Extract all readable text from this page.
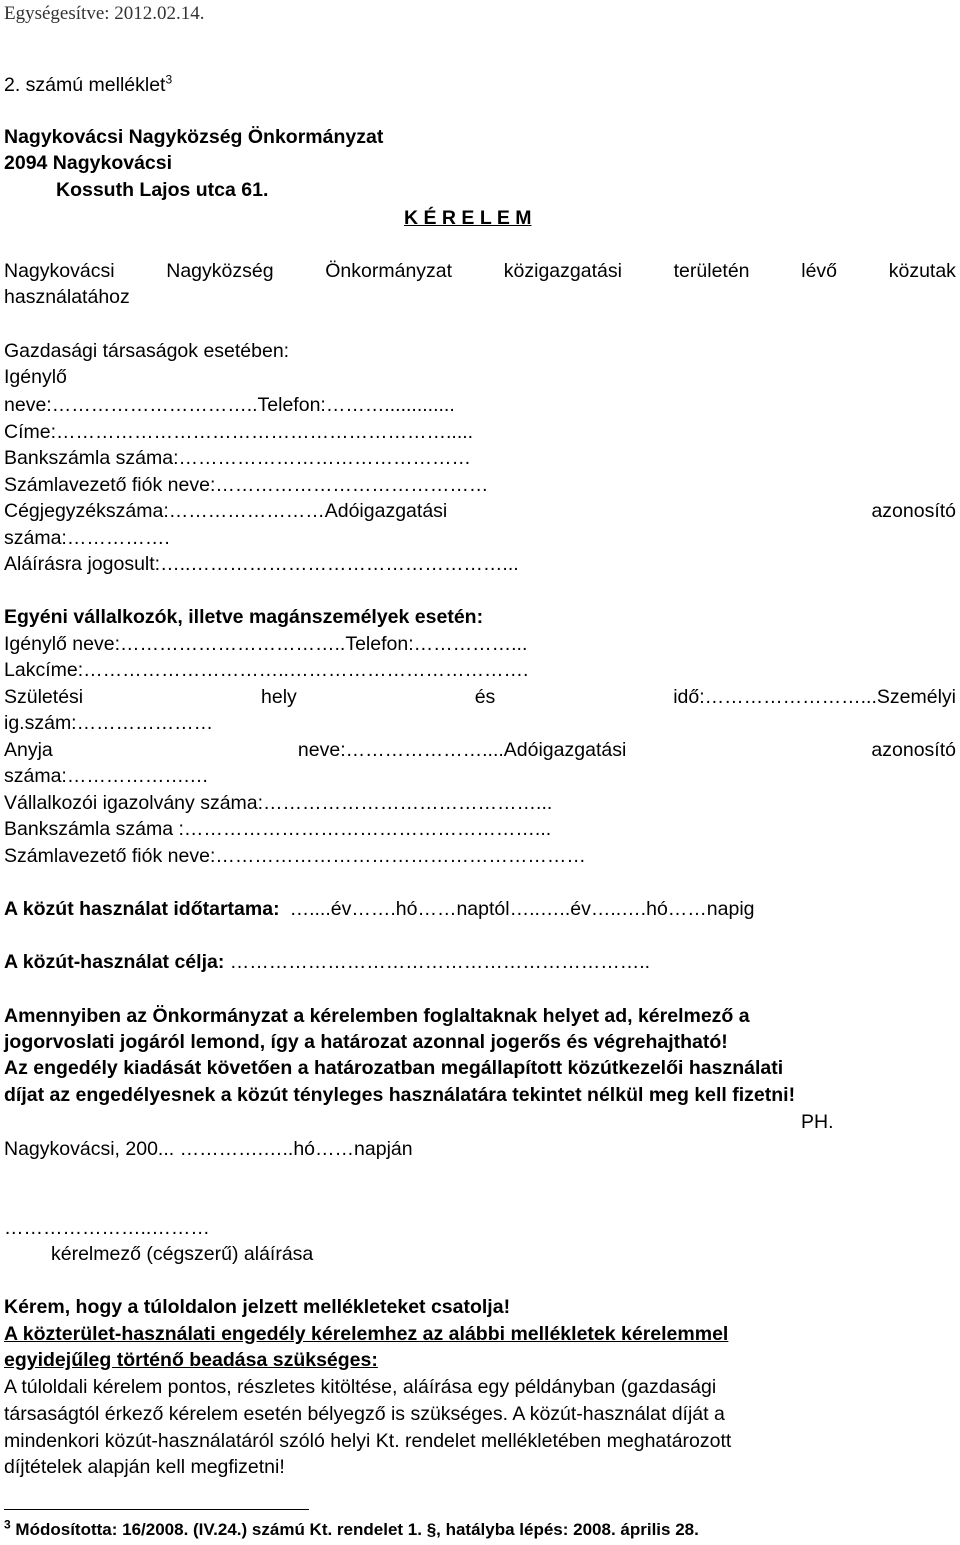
Egységesítve: 2012.02.14.
2. számú melléklet$^3$
Nagykovácsi Nagyközség Önkormányzat
2094 Nagykovácsi
Kossuth Lajos utca 61.
K É R E L E M
Nagykovácsi	Nagyközség	Önkormányzat	közigazgatási	területén	lévő	közutak
használatához
Gazdasági társaságok esetében:
Igénylő
neve:…………………………..Telefon:……….............
Címe:…………………………………………………….....
Bankszámla száma:………………………………………
Számlavezető fiók neve:……………………………………
Cégjegyzékszáma:……………………Adóigazgatási	azonosító
száma:…………….
Aláírásra jogosult:…..…………………………………………...
Egyéni vállalkozók, illetve magánszemélyek esetén:
Igénylő neve:……………………………..Telefon:……………...
Lakcíme:…………………………..……………………………….
Születési	hely	és	idő:……………………...Személyi
ig.szám:…………………
Anyja	neve:…………………....Adóigazgatási	azonosító
száma:……………….…
Vállalkozói igazolvány száma:……………………………………...
Bankszámla száma :………………………………………………...
Számlavezető fiók neve:…………………………………………………
A közút használat időtartama: …....év…….hó……naptól…..…..év…..….hó……napig
A közút-használat célja: ………………………………………………………..
Amennyiben az Önkormányzat a kérelemben foglaltaknak helyet ad, kérelmező a
jogorvoslati jogáról lemond, így a határozat azonnal jogerős és végrehajtható!
Az engedély kiadását követően a határozatban megállapított közútkezelői használati
díjat az engedélyesnek a közút tényleges használatára tekintet nélkül meg kell fizetni!
PH.
Nagykovácsi, 200... ………….…..hó……napján
…………………..………
kérelmező (cégszerű) aláírása
Kérem, hogy a túloldalon jelzett mellékleteket csatolja!
A közterület-használati engedély kérelemhez az alábbi mellékletek kérelemmel
egyidejűleg történő beadása szükséges:
A túloldali kérelem pontos, részletes kitöltése, aláírása egy példányban (gazdasági
társaságtól érkező kérelem esetén bélyegző is szükséges. A közút-használat díját a
mindenkori közút-használatáról szóló helyi Kt. rendelet mellékletében meghatározott
díjtételek alapján kell megfizetni!
$^3$ Módosította: 16/2008. (IV.24.) számú Kt. rendelet 1. §, hatályba lépés: 2008. április 28.
